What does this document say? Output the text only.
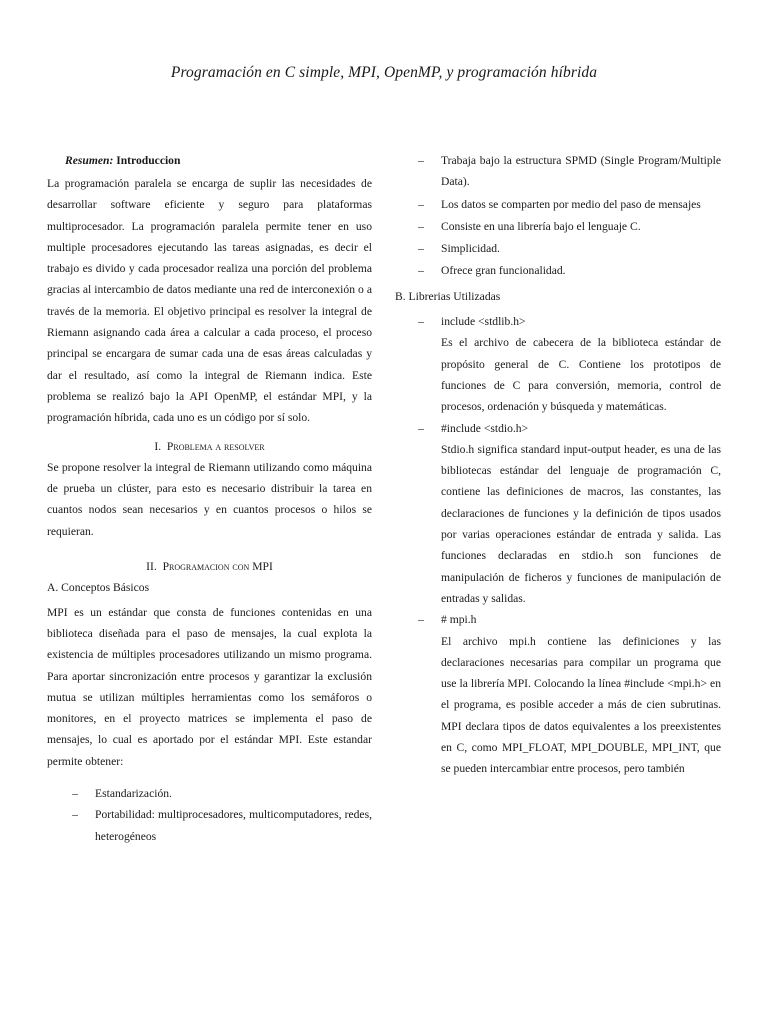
Programación en C simple, MPI, OpenMP, y programación híbrida
Resumen: Introduccion

La programación paralela se encarga de suplir las necesidades de desarrollar software eficiente y seguro para plataformas multiprocesador. La programación paralela permite tener en uso multiple procesadores ejecutando las tareas asignadas, es decir el trabajo es divido y cada procesador realiza una porción del problema gracias al intercambio de datos mediante una red de interconexión o a través de la memoria. El objetivo principal es resolver la integral de Riemann asignando cada área a calcular a cada proceso, el proceso principal se encargara de sumar cada una de esas áreas calculadas y dar el resultado, así como la integral de Riemann indica. Este problema se realizó bajo la API OpenMP, el estándar MPI, y la programación híbrida, cada uno es un código por sí solo.

I. Problema a resolver

Se propone resolver la integral de Riemann utilizando como máquina de prueba un clúster, para esto es necesario distribuir la tarea en cuantos nodos sean necesarios y en cuantos procesos o hilos se requieran.

II. Programacion con MPI
A. Conceptos Básicos

MPI es un estándar que consta de funciones contenidas en una biblioteca diseñada para el paso de mensajes, la cual explota la existencia de múltiples procesadores utilizando un mismo programa. Para aportar sincronización entre procesos y garantizar la exclusión mutua se utilizan múltiples herramientas como los semáforos o monitores, en el proyecto matrices se implementa el paso de mensajes, lo cual es aportado por el estándar MPI. Este estandar permite obtener:

–	Estandarización.
–	Portabilidad: multiprocesadores, multicomputadores, redes, heterogéneos
–	Trabaja bajo la estructura SPMD (Single Program/Multiple Data).
–	Los datos se comparten por medio del paso de mensajes
–	Consiste en una librería bajo el lenguaje C.
–	Simplicidad.
–	Ofrece gran funcionalidad.
B. Librerias Utilizadas
–	include <stdlib.h>
Es el archivo de cabecera de la biblioteca estándar de propósito general de C. Contiene los prototipos de funciones de C para conversión, memoria, control de procesos, ordenación y búsqueda y matemáticas.
–	#include <stdio.h>
Stdio.h significa standard input-output header, es una de las bibliotecas estándar del lenguaje de programación C, contiene las definiciones de macros, las constantes, las declaraciones de funciones y la definición de tipos usados por varias operaciones estándar de entrada y salida. Las funciones declaradas en stdio.h son funciones de manipulación de ficheros y funciones de manipulación de entradas y salidas.
–	# mpi.h
El archivo mpi.h contiene las definiciones y las declaraciones necesarias para compilar un programa que use la librería MPI. Colocando la línea #include <mpi.h> en el programa, es posible acceder a más de cien subrutinas. MPI declara tipos de datos equivalentes a los preexistentes en C, como MPI_FLOAT, MPI_DOUBLE, MPI_INT, que se pueden intercambiar entre procesos, pero también
